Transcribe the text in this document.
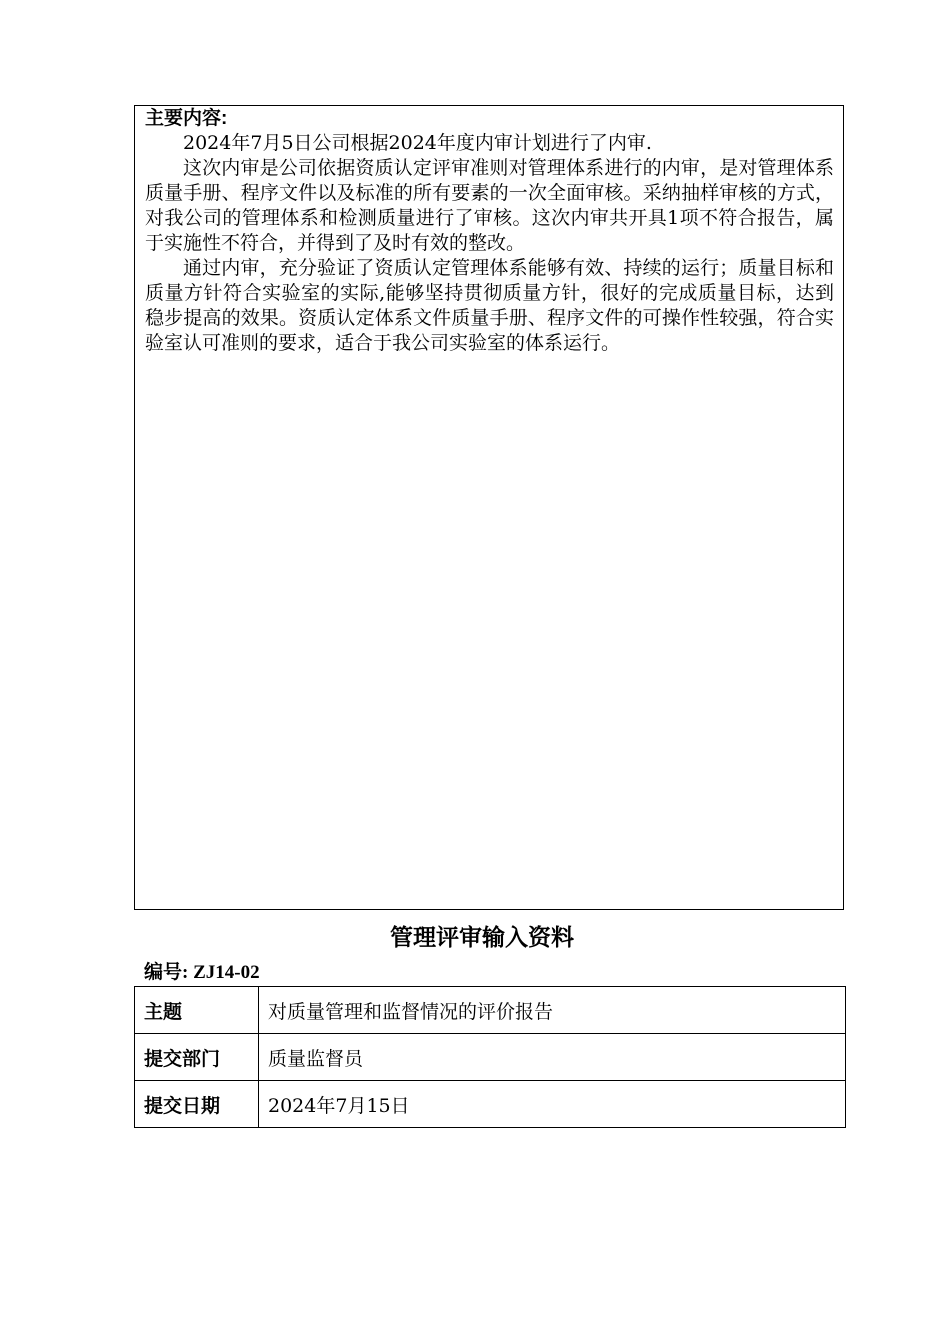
主要内容:

2024年7月5日公司根据2024年度内审计划进行了内审.

这次内审是公司依据资质认定评审准则对管理体系进行的内审，是对管理体系质量手册、程序文件以及标准的所有要素的一次全面审核。采纳抽样审核的方式，对我公司的管理体系和检测质量进行了审核。这次内审共开具1项不符合报告，属于实施性不符合，并得到了及时有效的整改。

通过内审，充分验证了资质认定管理体系能够有效、持续的运行；质量目标和质量方针符合实验室的实际,能够坚持贯彻质量方针，很好的完成质量目标，达到稳步提高的效果。资质认定体系文件质量手册、程序文件的可操作性较强，符合实验室认可准则的要求，适合于我公司实验室的体系运行。

管理评审输入资料

编号: ZJ14-02

主题	对质量管理和监督情况的评价报告
提交部门	质量监督员
提交日期	2024年7月15日
